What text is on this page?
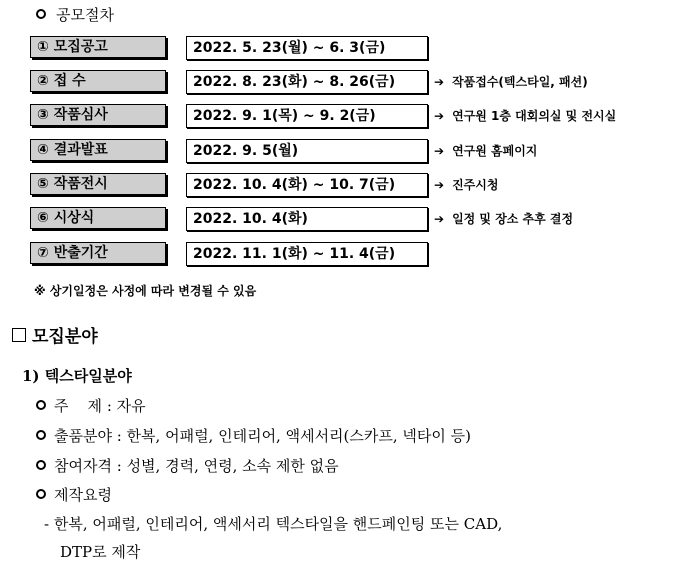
공모절차
① 모집공고	2022. 5. 23(월) ~ 6. 3(금)
② 접 수	2022. 8. 23(화) ~ 8. 26(금)	➔ 작품접수(텍스타일, 패션)
③ 작품심사	2022. 9. 1(목) ~ 9. 2(금)	➔ 연구원 1층 대회의실 및 전시실
④ 결과발표	2022. 9. 5(월)	➔ 연구원 홈페이지
⑤ 작품전시	2022. 10. 4(화) ~ 10. 7(금)	➔ 진주시청
⑥ 시상식	2022. 10. 4(화)	➔ 일정 및 장소 추후 결정
⑦ 반출기간	2022. 11. 1(화) ~ 11. 4(금)
※ 상기일정은 사정에 따라 변경될 수 있음
모집분야
1) 텍스타일분야
주    제 : 자유
출품분야 : 한복, 어패럴, 인테리어, 액세서리(스카프, 넥타이 등)
참여자격 : 성별, 경력, 연령, 소속 제한 없음
제작요령
- 한복, 어패럴, 인테리어, 액세서리 텍스타일을 핸드페인팅 또는 CAD,
DTP로 제작
